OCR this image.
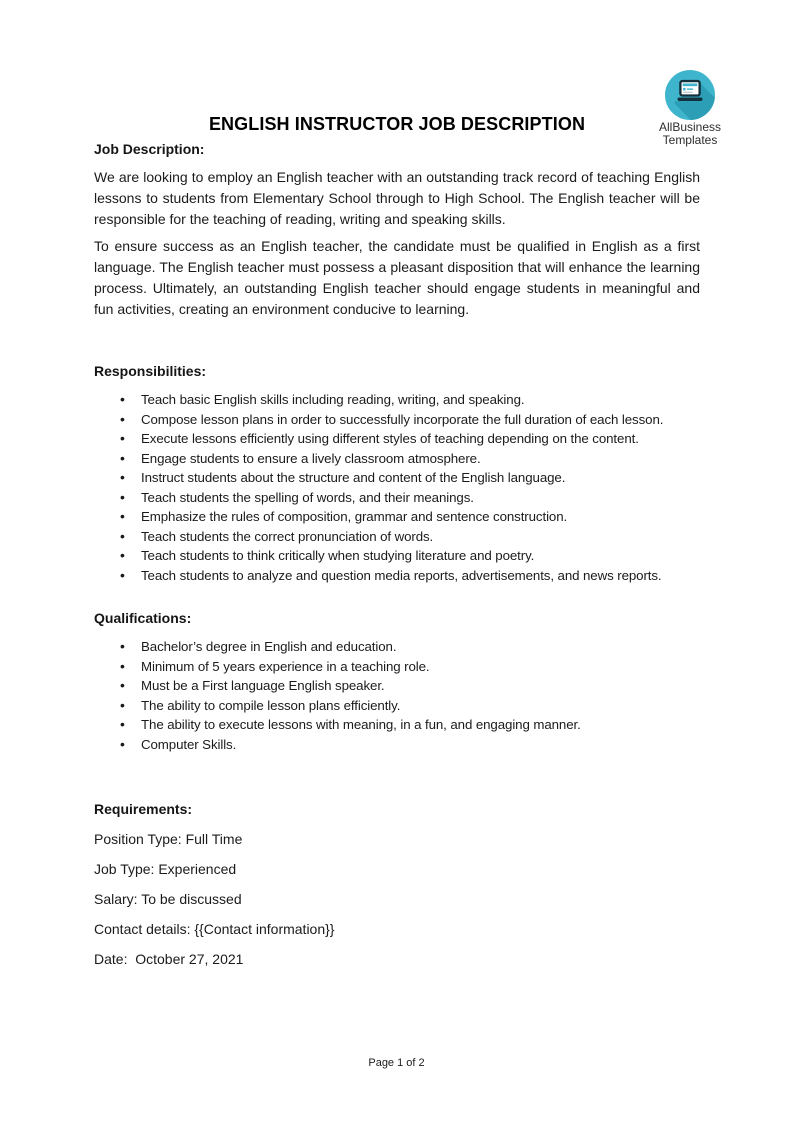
AllBusiness
Templates
ENGLISH INSTRUCTOR JOB DESCRIPTION
Job Description:

We are looking to employ an English teacher with an outstanding track record of teaching English lessons to students from Elementary School through to High School. The English teacher will be responsible for the teaching of reading, writing and speaking skills.

To ensure success as an English teacher, the candidate must be qualified in English as a first language. The English teacher must possess a pleasant disposition that will enhance the learning process. Ultimately, an outstanding English teacher should engage students in meaningful and fun activities, creating an environment conducive to learning.

Responsibilities:
• Teach basic English skills including reading, writing, and speaking.
• Compose lesson plans in order to successfully incorporate the full duration of each lesson.
• Execute lessons efficiently using different styles of teaching depending on the content.
• Engage students to ensure a lively classroom atmosphere.
• Instruct students about the structure and content of the English language.
• Teach students the spelling of words, and their meanings.
• Emphasize the rules of composition, grammar and sentence construction.
• Teach students the correct pronunciation of words.
• Teach students to think critically when studying literature and poetry.
• Teach students to analyze and question media reports, advertisements, and news reports.
Qualifications:
• Bachelor’s degree in English and education.
• Minimum of 5 years experience in a teaching role.
• Must be a First language English speaker.
• The ability to compile lesson plans efficiently.
• The ability to execute lessons with meaning, in a fun, and engaging manner.
• Computer Skills.
Requirements:

Position Type: Full Time

Job Type: Experienced

Salary: To be discussed

Contact details: {{Contact information}}

Date:  October 27, 2021

Page 1 of 2
